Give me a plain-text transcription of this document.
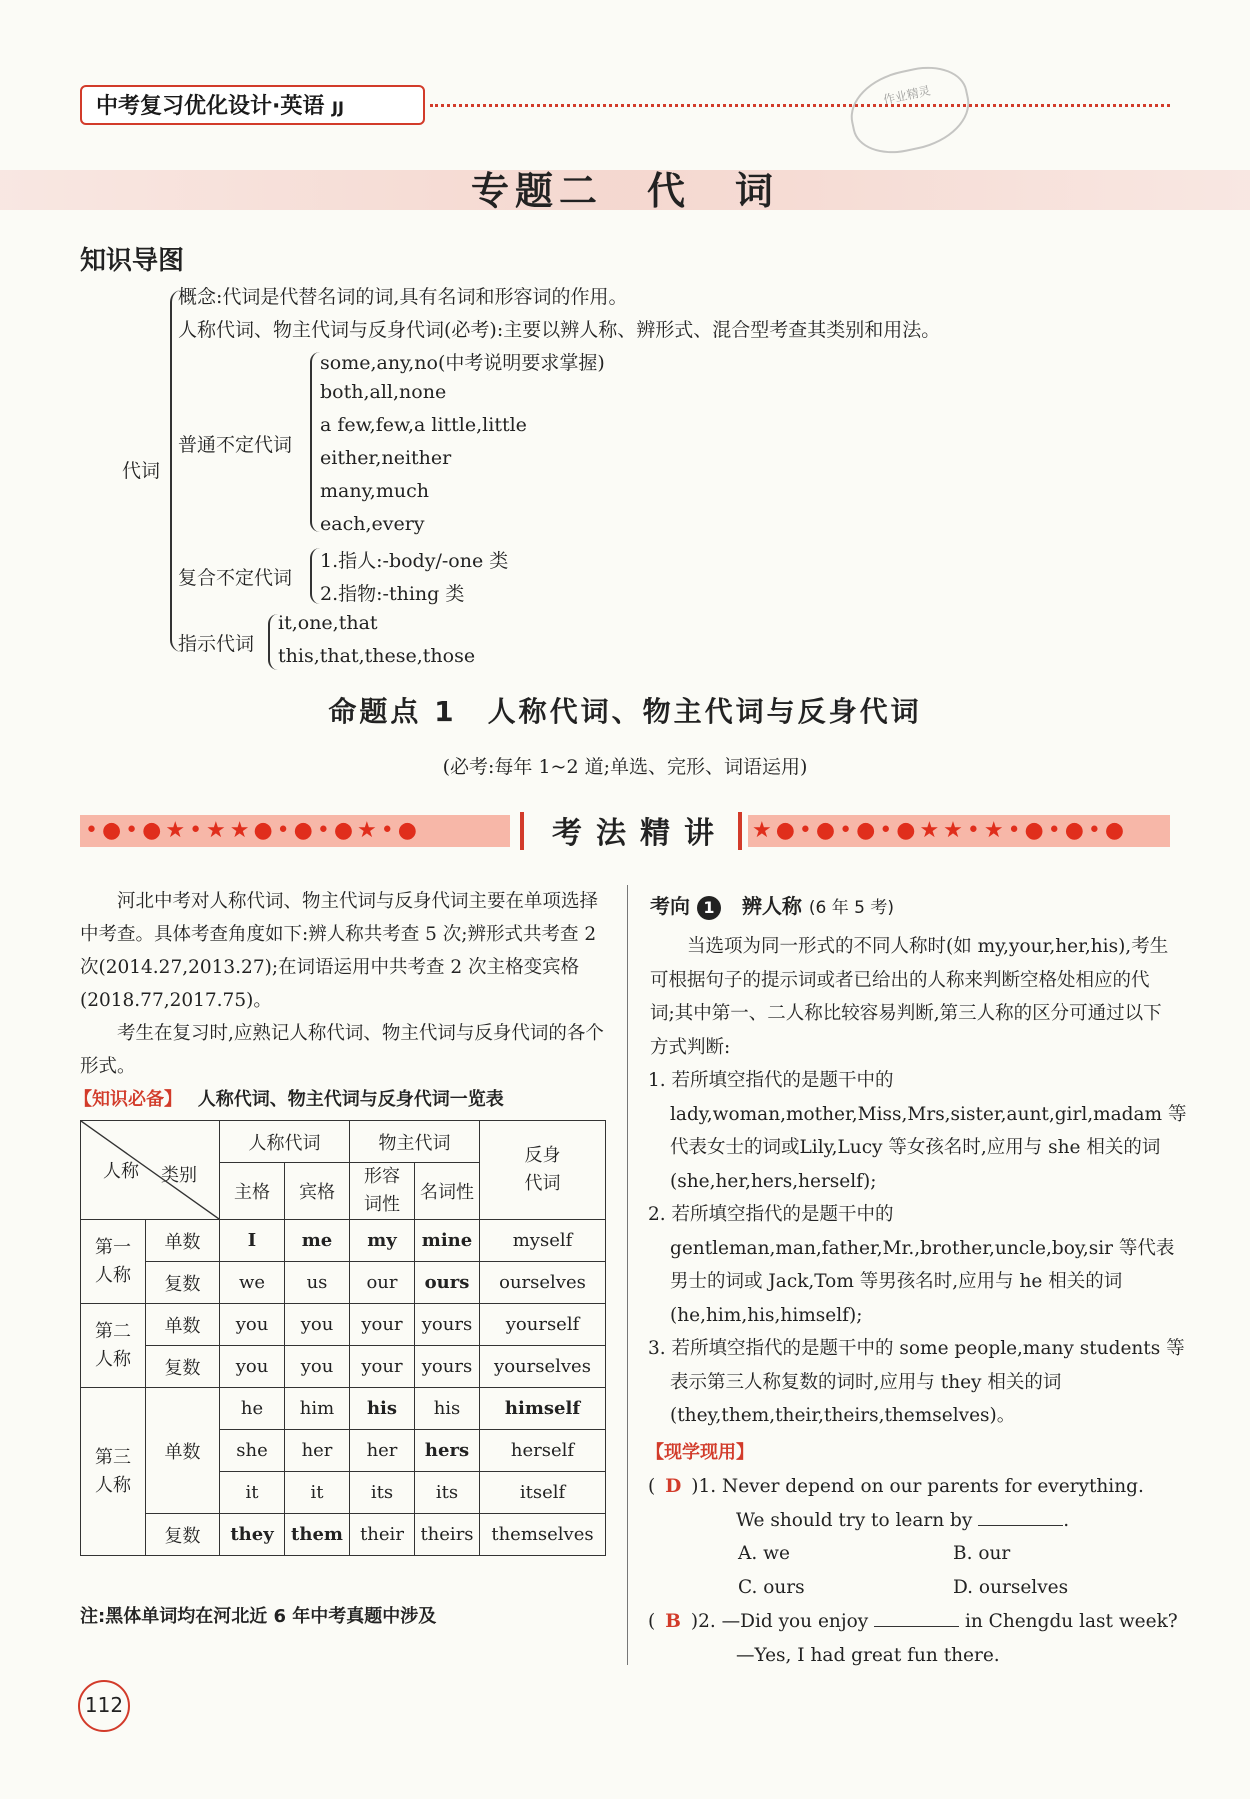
中考复习优化设计·英语 JJ
作业精灵
专题二　代　词
知识导图
代词
概念:代词是代替名词的词,具有名词和形容词的作用。
人称代词、物主代词与反身代词(必考):主要以辨人称、辨形式、混合型考查其类别和用法。
普通不定代词
some,any,no(中考说明要求掌握)
both,all,none
a few,few,a little,little
either,neither
many,much
each,every
复合不定代词
1.指人:-body/-one 类
2.指物:-thing 类
指示代词
it,one,that
this,that,these,those
命题点 1　人称代词、物主代词与反身代词
(必考:每年 1~2 道;单选、完形、词语运用)
•●•●★•★★●•●•●★•●	考法精讲	★●•●•●•●★★•★•●•●•●
河北中考对人称代词、物主代词与反身代词主要在单项选择中考查。具体考查角度如下:辨人称共考查 5 次;辨形式共考查 2 次(2014.27,2013.27);在词语运用中共考查 2 次主格变宾格(2018.77,2017.75)。
考生在复习时,应熟记人称代词、物主代词与反身代词的各个形式。
【知识必备】 人称代词、物主代词与反身代词一览表
类别
人称		人称代词		物主代词		反身代词

		主格	宾格	形容词性	名词性	

第一人称	单数	I	me	my	mine	myself
	复数	we	us	our	ours	ourselves

第二人称	单数	you	you	your	yours	yourself
	复数	you	you	your	yours	yourselves

第三人称	单数	he	him	his	his	himself
		she	her	her	hers	herself
		it	it	its	its	itself
	复数	they	them	their	theirs	themselves
注:黑体单词均在河北近 6 年中考真题中涉及
考向 1 辨人称 (6 年 5 考)
当选项为同一形式的不同人称时(如 my,your,her,his),考生可根据句子的提示词或者已给出的人称来判断空格处相应的代词;其中第一、二人称比较容易判断,第三人称的区分可通过以下方式判断:
1. 若所填空指代的是题干中的 lady,woman,mother,Miss,Mrs,sister,aunt,girl,madam 等代表女士的词或Lily,Lucy 等女孩名时,应用与 she 相关的词(she,her,hers,herself);
2. 若所填空指代的是题干中的 gentleman,man,father,Mr.,brother,uncle,boy,sir 等代表男士的词或 Jack,Tom 等男孩名时,应用与 he 相关的词(he,him,his,himself);
3. 若所填空指代的是题干中的 some people,many students 等表示第三人称复数的词时,应用与 they 相关的词(they,them,their,theirs,themselves)。
【现学现用】
( D )1. Never depend on our parents for everything. We should try to learn by	.
A. we	B. our
C. ours	D. ourselves
( B )2. —Did you enjoy	in Chengdu last week?
—Yes, I had great fun there.
112
